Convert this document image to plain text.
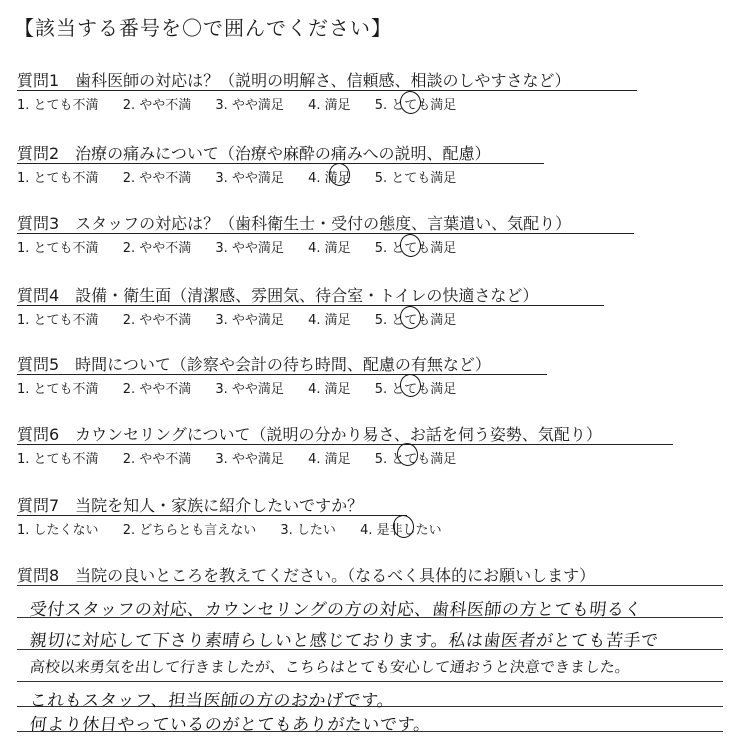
【該当する番号を〇で囲んでください】
質問1　歯科医師の対応は？（説明の明解さ、信頼感、相談のしやすさなど）
1. とても不満 2. やや不満 3. やや満足 4. 満足 5. とても満足
質問2　治療の痛みについて（治療や麻酔の痛みへの説明、配慮）
1. とても不満 2. やや不満 3. やや満足 4. 満足 5. とても満足
質問3　スタッフの対応は？（歯科衛生士・受付の態度、言葉遣い、気配り）
1. とても不満 2. やや不満 3. やや満足 4. 満足 5. とても満足
質問4　設備・衛生面（清潔感、雰囲気、待合室・トイレの快適さなど）
1. とても不満 2. やや不満 3. やや満足 4. 満足 5. とても満足
質問5　時間について（診察や会計の待ち時間、配慮の有無など）
1. とても不満 2. やや不満 3. やや満足 4. 満足 5. とても満足
質問6　カウンセリングについて（説明の分かり易さ、お話を伺う姿勢、気配り）
1. とても不満 2. やや不満 3. やや満足 4. 満足 5. とても満足
質問7　当院を知人・家族に紹介したいですか？
1. したくない 2. どちらとも言えない 3. したい 4. 是非したい
質問8　当院の良いところを教えてください。（なるべく具体的にお願いします）
受付スタッフの対応、カウンセリングの方の対応、歯科医師の方とても明るく
親切に対応して下さり素晴らしいと感じております。私は歯医者がとても苦手で
高校以来勇気を出して行きましたが、こちらはとても安心して通おうと決意できました。
これもスタッフ、担当医師の方のおかげです。
何より休日やっているのがとてもありがたいです。
